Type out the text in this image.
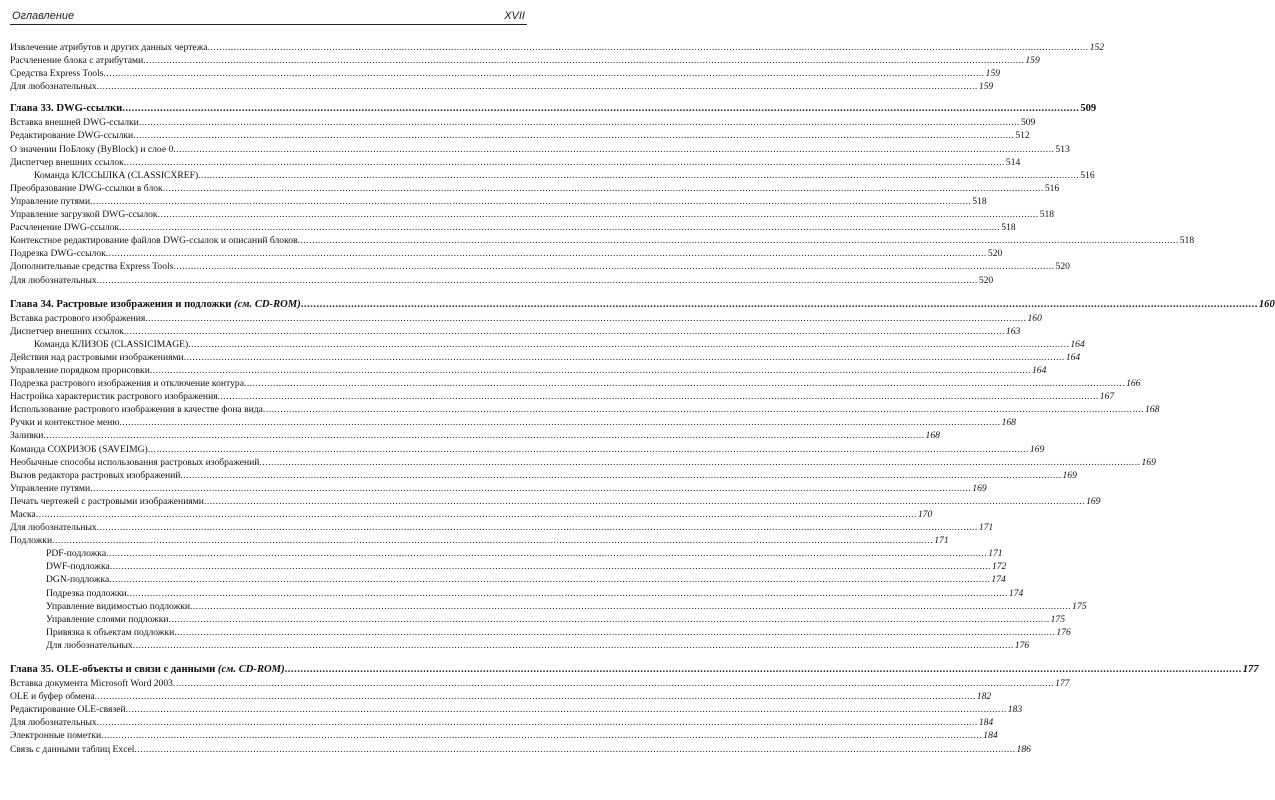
Оглавление	XVII
Извлечение атрибутов и других данных чертежа .....	152
Расчленение блока с атрибутами .....	159
Средства Express Tools .....	159
Для любознательных .....	159
Глава 33. DWG-ссылки .....	509
Вставка внешней DWG-ссылки .....	509
Редактирование DWG-ссылки .....	512
О значении ПоБлоку (ByBlock) и слое 0 .....	513
Диспетчер внешних ссылок .....	514
Команда КЛССЫЛКА (CLASSICXREF) .....	516
Преобразование DWG-ссылки в блок .....	516
Управление путями .....	518
Управление загрузкой DWG-ссылок .....	518
Расчленение DWG-ссылок .....	518
Контекстное редактирование файлов DWG-ссылок и описаний блоков .....	518
Подрезка DWG-ссылок .....	520
Дополнительные средства Express Tools .....	520
Для любознательных .....	520
Глава 34. Растровые изображения и подложки (см. CD-ROM) .....	160
Вставка растрового изображения .....	160
Диспетчер внешних ссылок .....	163
Команда КЛИЗОБ (CLASSICIMAGE) .....	164
Действия над растровыми изображениями .....	164
Управление порядком прорисовки .....	164
Подрезка растрового изображения и отключение контура .....	166
Настройка характеристик растрового изображения .....	167
Использование растрового изображения в качестве фона вида .....	168
Ручки и контекстное меню .....	168
Заливки .....	168
Команда СОХРИЗОБ (SAVEIMG) .....	169
Необычные способы использования растровых изображений .....	169
Вызов редактора растровых изображений .....	169
Управление путями .....	169
Печать чертежей с растровыми изображениями .....	169
Маска .....	170
Для любознательных .....	171
Подложки .....	171
PDF-подложка .....	171
DWF-подложка .....	172
DGN-подложка .....	174
Подрезка подложки .....	174
Управление видимостью подложки .....	175
Управление слоями подложки .....	175
Привязка к объектам подложки .....	176
Для любознательных .....	176
Глава 35. OLE-объекты и связи с данными (см. CD-ROM) .....	177
Вставка документа Microsoft Word 2003 .....	177
OLE и буфер обмена .....	182
Редактирование OLE-связей .....	183
Для любознательных .....	184
Электронные пометки .....	184
Связь с данными таблиц Excel .....	186
